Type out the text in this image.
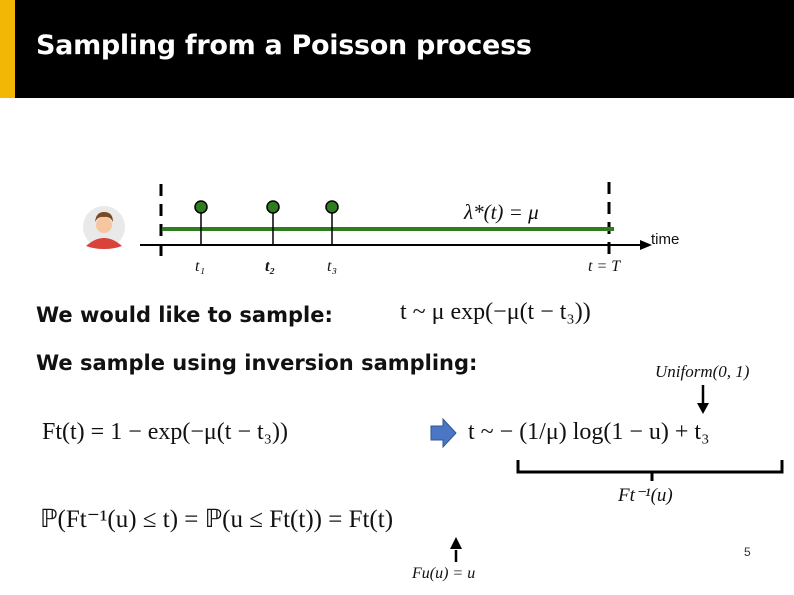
Sampling from a Poisson process
λ*(t) = μ
t₁	t₂	t₃	t = T
time
We would like to sample:
We sample using inversion sampling:
t ~ μ exp(−μ(t − t₃))
Uniform(0, 1)
Ft(t) = 1 − exp(−μ(t − t₃))	t ~ − (1/μ) log(1 − u) + t₃
Ft⁻¹(u)
ℙ(Ft⁻¹(u) ≤ t) = ℙ(u ≤ Ft(t)) = Ft(t)
Fu(u) = u
5
